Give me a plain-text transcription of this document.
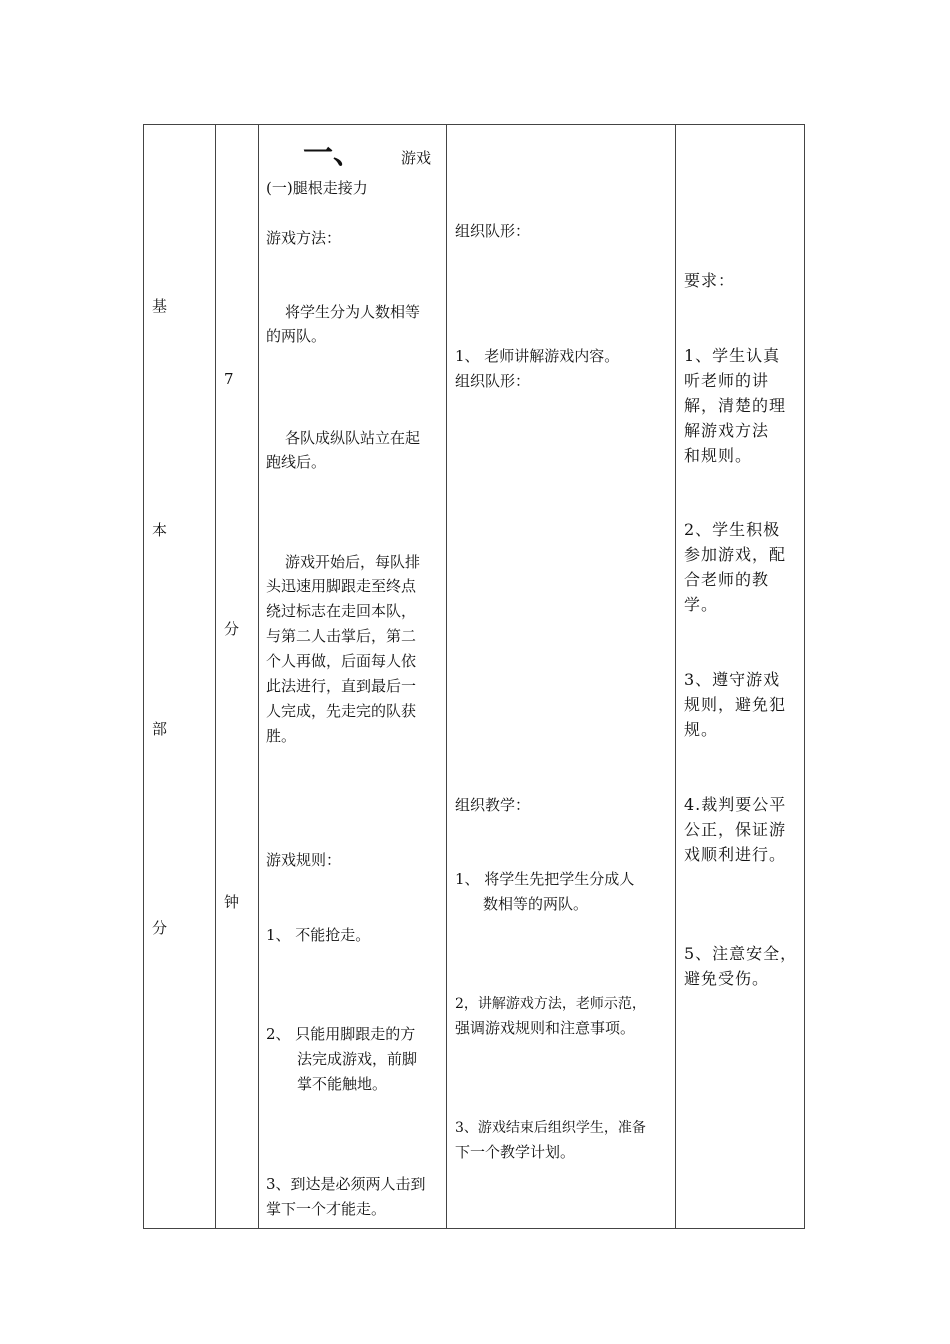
基
本
部
分
7
分
钟
一、	游戏
(一)腿根走接力
游戏方法：
将学生分为人数相等
的两队。
各队成纵队站立在起
跑线后。
游戏开始后，每队排
头迅速用脚跟走至终点
绕过标志在走回本队，
与第二人击掌后，第二
个人再做，后面每人依
此法进行，直到最后一
人完成，先走完的队获
胜。
游戏规则：
1、 不能抢走。
2、 只能用脚跟走的方
法完成游戏，前脚
掌不能触地。
3、到达是必须两人击到
掌下一个才能走。
组织队形：
1、 老师讲解游戏内容。
组织队形：
组织教学：
1、 将学生先把学生分成人
数相等的两队。
2，讲解游戏方法，老师示范，
强调游戏规则和注意事项。
3、游戏结束后组织学生，准备
下一个教学计划。
要求：
1、学生认真
听老师的讲
解，清楚的理
解游戏方法
和规则。
2、学生积极
参加游戏，配
合老师的教
学。
3、遵守游戏
规则，避免犯
规。
4.裁判要公平
公正，保证游
戏顺利进行。
5、注意安全，
避免受伤。
